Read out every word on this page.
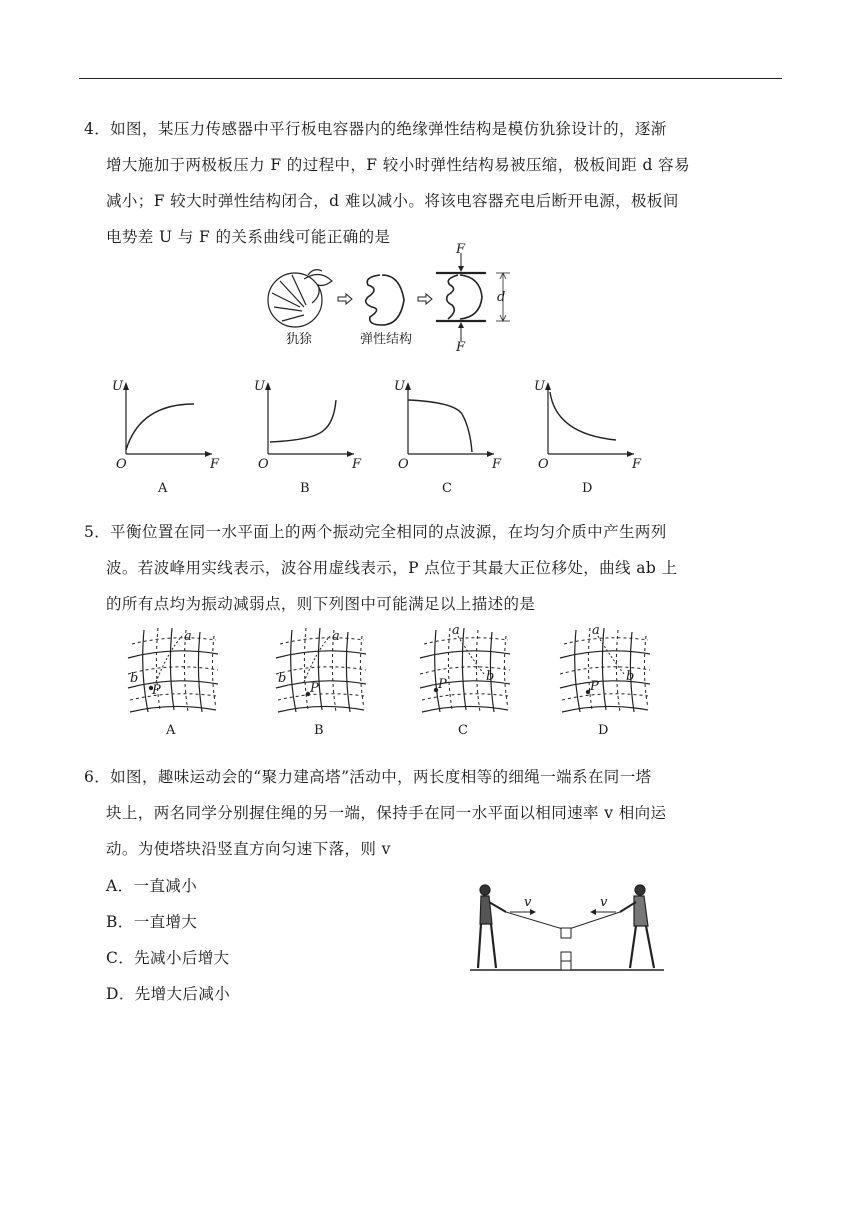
4．如图，某压力传感器中平行板电容器内的绝缘弹性结构是模仿犰狳设计的，逐渐
增大施加于两极板压力 F 的过程中，F 较小时弹性结构易被压缩，极板间距 d 容易
减小；F 较大时弹性结构闭合，d 难以减小。将该电容器充电后断开电源，极板间
电势差 U 与 F 的关系曲线可能正确的是
犰狳	弹性结构
F
F
d
U
F
O
A
U
F
O
B
U
F
O
C
U
F
O
D
5．平衡位置在同一水平面上的两个振动完全相同的点波源，在均匀介质中产生两列
波。若波峰用实线表示，波谷用虚线表示，P 点位于其最大正位移处，曲线 ab 上
的所有点均为振动减弱点，则下列图中可能满足以上描述的是
a
b
P
A
a
b
P
B
a
b
P
C
a
b
P
D
6．如图，趣味运动会的“聚力建高塔”活动中，两长度相等的细绳一端系在同一塔
块上，两名同学分别握住绳的另一端，保持手在同一水平面以相同速率 v 相向运
动。为使塔块沿竖直方向匀速下落，则 v
A．一直减小
B．一直增大
C．先减小后增大
D．先增大后减小
v	v
